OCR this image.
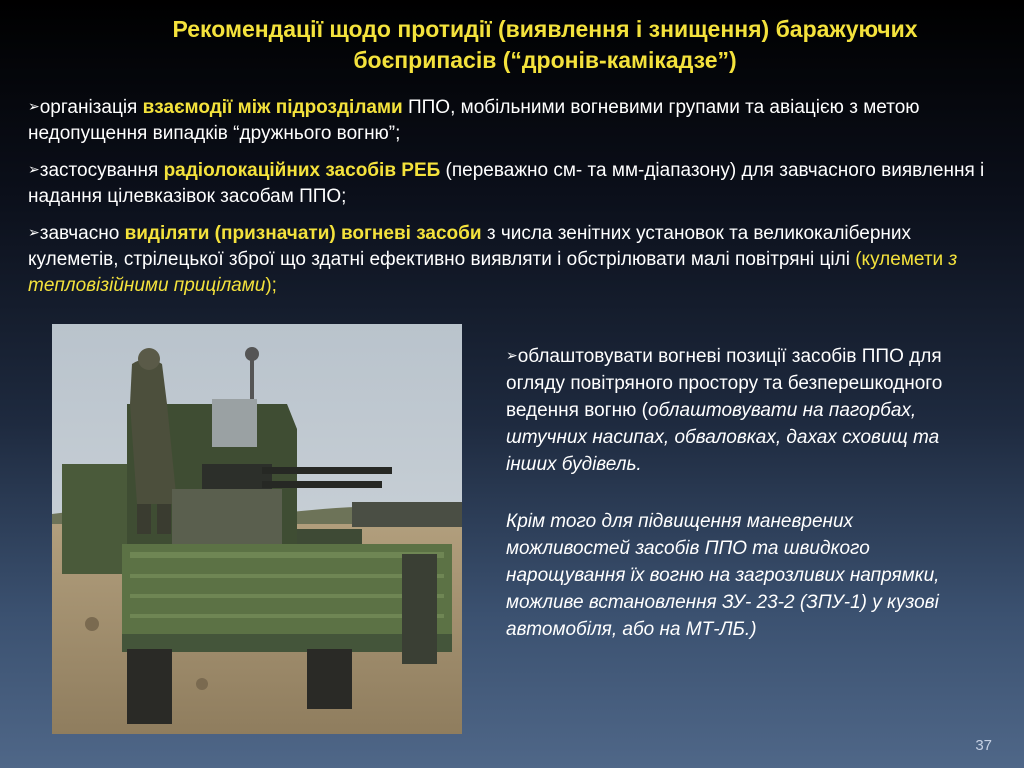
Рекомендації щодо протидії (виявлення і знищення) баражуючих
боєприпасів (“дронів-камікадзе”)
➢організація взаємодії між підрозділами ППО, мобільними вогневими групами та авіацією з метою недопущення випадків “дружнього вогню”;
➢застосування радіолокаційних засобів РЕБ (переважно см- та мм-діапазону) для завчасного виявлення і надання цілевказівок засобам ППО;
➢завчасно виділяти (призначати) вогневі засоби з числа зенітних установок та великокаліберних кулеметів, стрілецької зброї що здатні ефективно виявляти і обстрілювати малі повітряні цілі (кулемети з тепловізійними прицілами);

➢облаштовувати вогневі позиції засобів ППО для огляду повітряного простору та безперешкодного ведення вогню (облаштовувати на пагорбах, штучних насипах, обваловках, дахах сховищ та інших будівель.

Крім того для підвищення маневрених можливостей засобів ППО та швидкого нарощування їх вогню на загрозливих напрямки, можливе встановлення ЗУ- 23-2 (ЗПУ-1) у кузові автомобіля, або на МТ-ЛБ.)

37
